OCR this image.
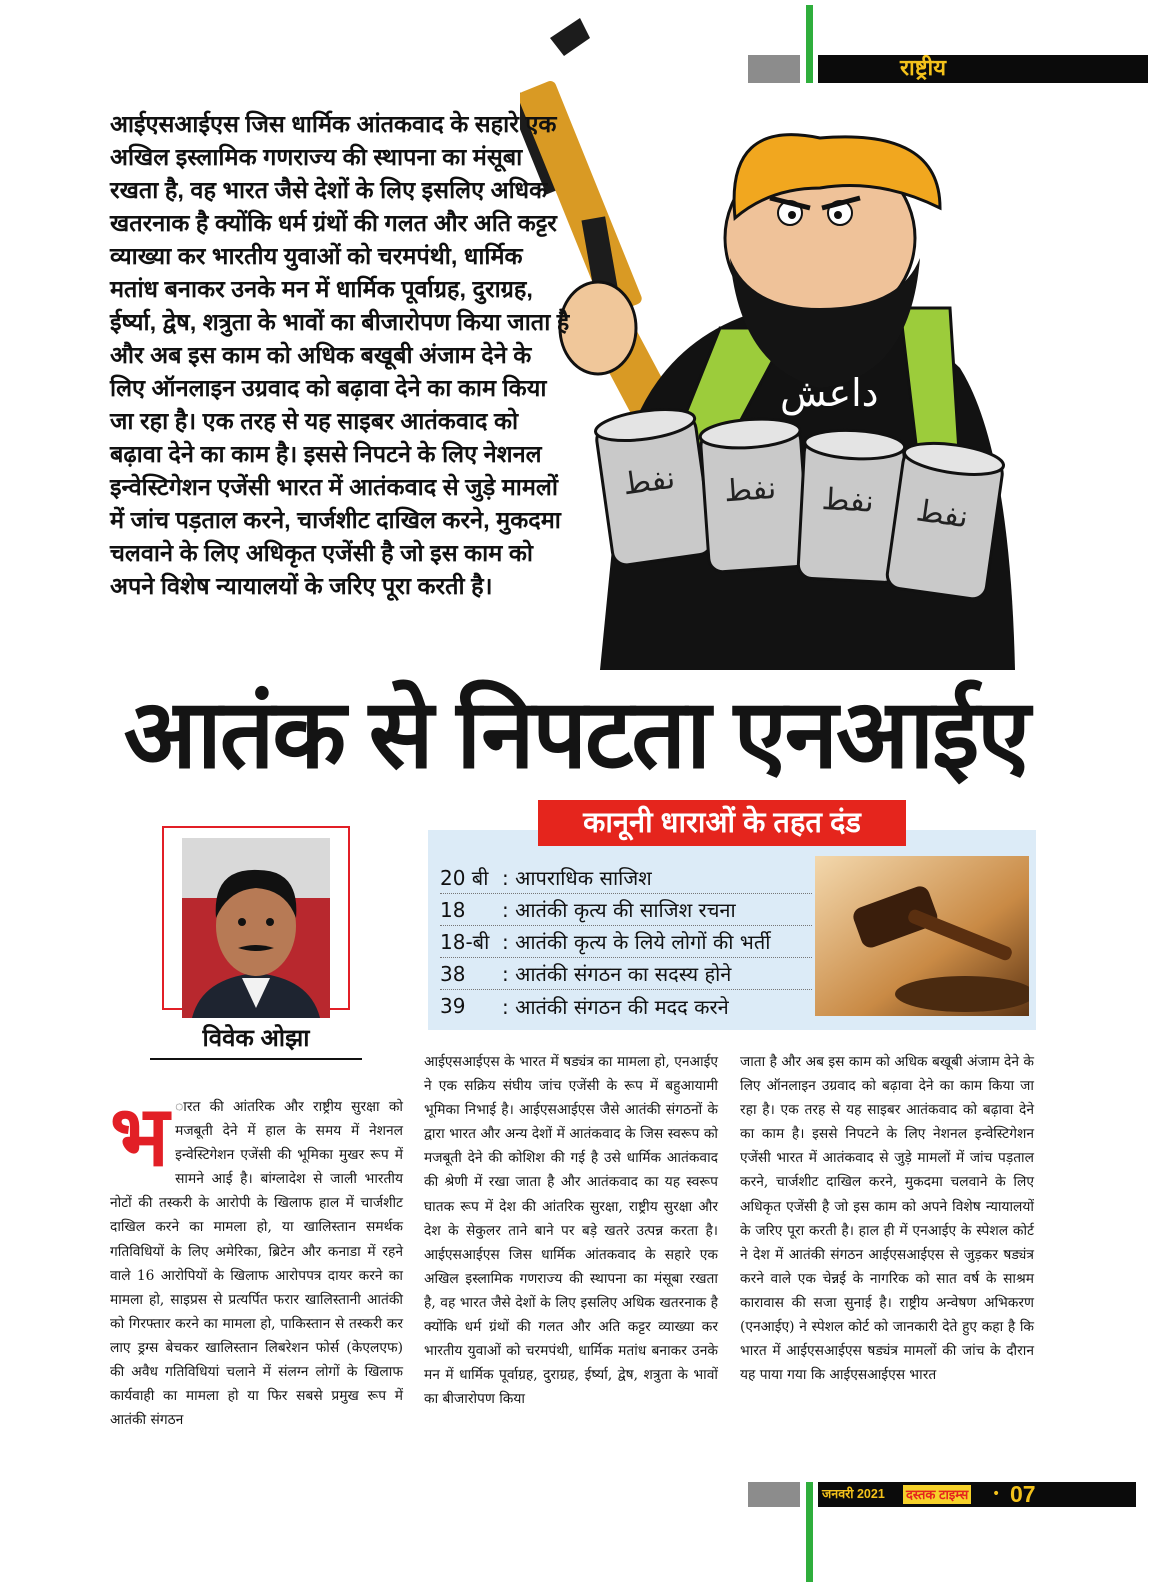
राष्ट्रीय
داعش
نفط نفط نفط نفط
आईएसआईएस जिस धार्मिक आंतकवाद के सहारे एक अखिल इस्लामिक गणराज्य की स्थापना का मंसूबा रखता है, वह भारत जैसे देशों के लिए इसलिए अधिक खतरनाक है क्योंकि धर्म ग्रंथों की गलत और अति कट्टर व्याख्या कर भारतीय युवाओं को चरमपंथी, धार्मिक मतांध बनाकर उनके मन में धार्मिक पूर्वाग्रह, दुराग्रह, ईर्ष्या, द्वेष, शत्रुता के भावों का बीजारोपण किया जाता है और अब इस काम को अधिक बखूबी अंजाम देने के लिए ऑनलाइन उग्रवाद को बढ़ावा देने का काम किया जा रहा है। एक तरह से यह साइबर आतंकवाद को बढ़ावा देने का काम है। इससे निपटने के लिए नेशनल इन्वेस्टिगेशन एजेंसी भारत में आतंकवाद से जुड़े मामलों में जांच पड़ताल करने, चार्जशीट दाखिल करने, मुकदमा चलवाने के लिए अधिकृत एजेंसी है जो इस काम को अपने विशेष न्यायालयों के जरिए पूरा करती है।
आतंक से निपटता एनआईए
कानूनी धाराओं के तहत दंड
20 बी : आपराधिक साजिश
18	: आतंकी कृत्य की साजिश रचना
18-बी : आतंकी कृत्य के लिये लोगों की भर्ती
38	: आतंकी संगठन का सदस्य होने
39	: आतंकी संगठन की मदद करने
विवेक ओझा
भ ारत की आंतरिक और राष्ट्रीय सुरक्षा को मजबूती देने में हाल के समय में नेशनल इन्वेस्टिगेशन एजेंसी की भूमिका मुखर रूप में सामने आई है। बांग्लादेश से जाली भारतीय नोटों की तस्करी के आरोपी के खिलाफ हाल में चार्जशीट दाखिल करने का मामला हो, या खालिस्तान समर्थक गतिविधियों के लिए अमेरिका, ब्रिटेन और कनाडा में रहने वाले 16 आरोपियों के खिलाफ आरोपपत्र दायर करने का मामला हो, साइप्रस से प्रत्यर्पित फरार खालिस्तानी आतंकी को गिरफ्तार करने का मामला हो, पाकिस्तान से तस्करी कर लाए ड्रग्स बेचकर खालिस्तान लिबरेशन फोर्स (केएलएफ) की अवैध गतिविधियां चलाने में संलग्न लोगों के खिलाफ कार्यवाही का मामला हो या फिर सबसे प्रमुख रूप में आतंकी संगठन
आईएसआईएस के भारत में षड्यंत्र का मामला हो, एनआईए ने एक सक्रिय संघीय जांच एजेंसी के रूप में बहुआयामी भूमिका निभाई है। आईएसआईएस जैसे आतंकी संगठनों के द्वारा भारत और अन्य देशों में आतंकवाद के जिस स्वरूप को मजबूती देने की कोशिश की गई है उसे धार्मिक आतंकवाद की श्रेणी में रखा जाता है और आतंकवाद का यह स्वरूप घातक रूप में देश की आंतरिक सुरक्षा, राष्ट्रीय सुरक्षा और देश के सेकुलर ताने बाने पर बड़े खतरे उत्पन्न करता है। आईएसआईएस जिस धार्मिक आंतकवाद के सहारे एक अखिल इस्लामिक गणराज्य की स्थापना का मंसूबा रखता है, वह भारत जैसे देशों के लिए इसलिए अधिक खतरनाक है क्योंकि धर्म ग्रंथों की गलत और अति कट्टर व्याख्या कर भारतीय युवाओं को चरमपंथी, धार्मिक मतांध बनाकर उनके मन में धार्मिक पूर्वाग्रह, दुराग्रह, ईर्ष्या, द्वेष, शत्रुता के भावों का बीजारोपण किया
जाता है और अब इस काम को अधिक बखूबी अंजाम देने के लिए ऑनलाइन उग्रवाद को बढ़ावा देने का काम किया जा रहा है। एक तरह से यह साइबर आतंकवाद को बढ़ावा देने का काम है। इससे निपटने के लिए नेशनल इन्वेस्टिगेशन एजेंसी भारत में आतंकवाद से जुड़े मामलों में जांच पड़ताल करने, चार्जशीट दाखिल करने, मुकदमा चलवाने के लिए अधिकृत एजेंसी है जो इस काम को अपने विशेष न्यायालयों के जरिए पूरा करती है। हाल ही में एनआईए के स्पेशल कोर्ट ने देश में आतंकी संगठन आईएसआईएस से जुड़कर षड्यंत्र करने वाले एक चेन्नई के नागरिक को सात वर्ष के साश्रम कारावास की सजा सुनाई है। राष्ट्रीय अन्वेषण अभिकरण (एनआईए) ने स्पेशल कोर्ट को जानकारी देते हुए कहा है कि भारत में आईएसआईएस षड्यंत्र मामलों की जांच के दौरान यह पाया गया कि आईएसआईएस भारत
जनवरी 2021 दस्तक टाइम्स • 07
